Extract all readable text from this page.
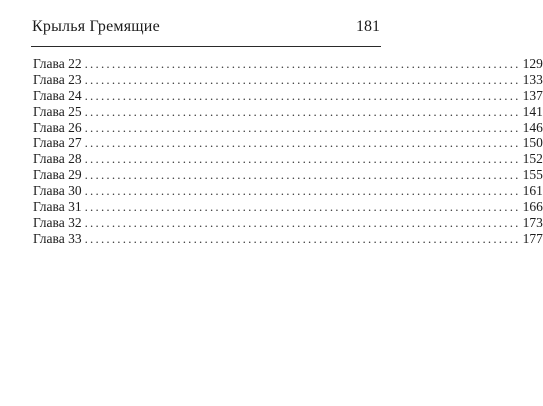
Крылья Гремящие	181
Глава 22 ................................................................................ 129
Глава 23 ................................................................................ 133
Глава 24 ................................................................................ 137
Глава 25 ................................................................................ 141
Глава 26 ................................................................................ 146
Глава 27 ................................................................................ 150
Глава 28 ................................................................................ 152
Глава 29 ................................................................................ 155
Глава 30 ................................................................................ 161
Глава 31 ................................................................................ 166
Глава 32 ................................................................................ 173
Глава 33 ................................................................................ 177
